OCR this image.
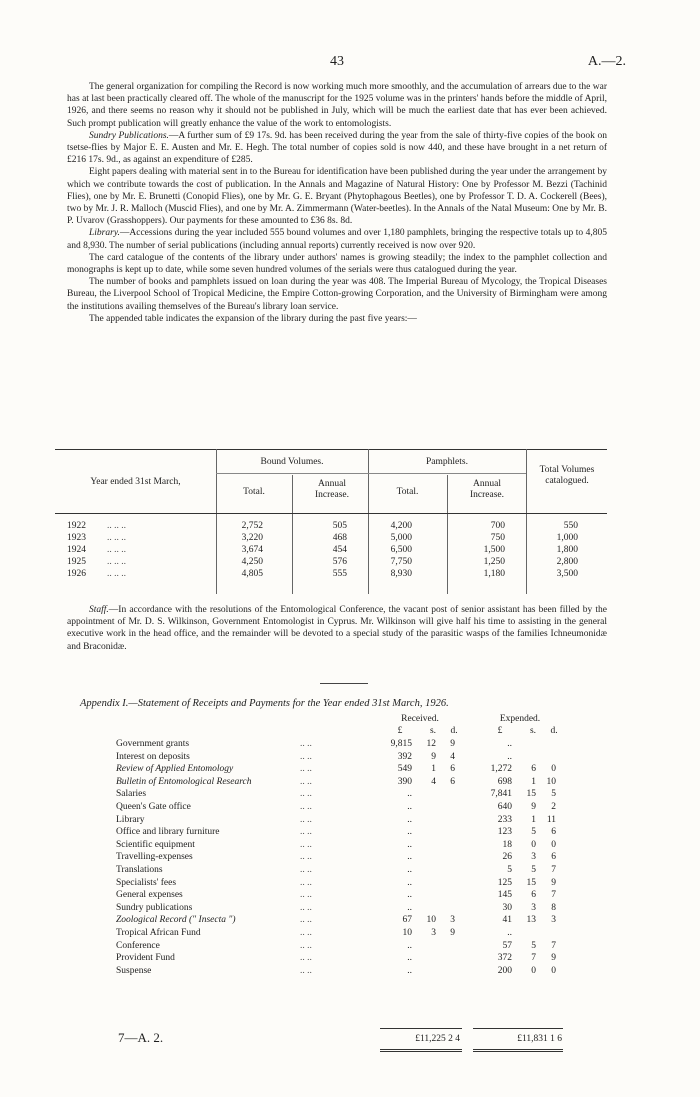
43	A.—2.

The general organization for compiling the Record is now working much more smoothly, and the accumulation of arrears due to the war has at last been practically cleared off. The whole of the manuscript for the 1925 volume was in the printers' hands before the middle of April, 1926, and there seems no reason why it should not be published in July, which will be much the earliest date that has ever been achieved. Such prompt publication will greatly enhance the value of the work to entomologists.

Sundry Publications.—A further sum of £9 17s. 9d. has been received during the year from the sale of thirty-five copies of the book on tsetse-flies by Major E. E. Austen and Mr. E. Hegh. The total number of copies sold is now 440, and these have brought in a net return of £216 17s. 9d., as against an expenditure of £285.

Eight papers dealing with material sent in to the Bureau for identification have been published during the year under the arrangement by which we contribute towards the cost of publication. In the Annals and Magazine of Natural History: One by Professor M. Bezzi (Tachinid Flies), one by Mr. E. Brunetti (Conopid Flies), one by Mr. G. E. Bryant (Phytophagous Beetles), one by Professor T. D. A. Cockerell (Bees), two by Mr. J. R. Malloch (Muscid Flies), and one by Mr. A. Zimmermann (Water-beetles). In the Annals of the Natal Museum: One by Mr. B. P. Uvarov (Grasshoppers). Our payments for these amounted to £36 8s. 8d.

Library.—Accessions during the year included 555 bound volumes and over 1,180 pamphlets, bringing the respective totals up to 4,805 and 8,930. The number of serial publications (including annual reports) currently received is now over 920.

The card catalogue of the contents of the library under authors' names is growing steadily; the index to the pamphlet collection and monographs is kept up to date, while some seven hundred volumes of the serials were thus catalogued during the year.

The number of books and pamphlets issued on loan during the year was 408. The Imperial Bureau of Mycology, the Tropical Diseases Bureau, the Liverpool School of Tropical Medicine, the Empire Cotton-growing Corporation, and the University of Birmingham were among the institutions availing themselves of the Bureau's library loan service.

The appended table indicates the expansion of the library during the past five years:—

Year ended 31st March,
Bound Volumes.	Pamphlets.
Total.
Annual Increase.	Total.
Annual Increase.
Total Volumes catalogued.
1922 .. .. ..	2,752	505	4,200	700	550
1923 .. .. ..	3,220	468	5,000	750	1,000
1924 .. .. ..	3,674	454	6,500	1,500	1,800
1925 .. .. ..	4,250	576	7,750	1,250	2,800
1926 .. .. ..	4,805	555	8,930	1,180	3,500

Staff.—In accordance with the resolutions of the Entomological Conference, the vacant post of senior assistant has been filled by the appointment of Mr. D. S. Wilkinson, Government Entomologist in Cyprus. Mr. Wilkinson will give half his time to assisting in the general executive work in the head office, and the remainder will be devoted to a special study of the parasitic wasps of the families Ichneumonidæ and Braconidæ.

Appendix I.—Statement of Receipts and Payments for the Year ended 31st March, 1926.
Received.	Expended.
£	s.	d.	£	s.	d.
Government grants	.. ..	9,815	12	9	..
Interest on deposits	.. ..	392	9	4	..
Review of Applied Entomology	.. ..	549	1	6	1,272	6	0
Bulletin of Entomological Research	.. ..	390	4	6	698	1	10
Salaries	.. ..	..	7,841	15	5
Queen's Gate office	.. ..	..	640	9	2
Library	.. ..	..	233	1	11
Office and library furniture	.. ..	..	123	5	6
Scientific equipment	.. ..	..	18	0	0
Travelling-expenses	.. ..	..	26	3	6
Translations	.. ..	..	5	5	7
Specialists' fees	.. ..	..	125	15	9
General expenses	.. ..	..	145	6	7
Sundry publications	.. ..	..	30	3	8
Zoological Record (" Insecta ")	.. ..	67	10	3	41	13	3
Tropical African Fund	.. ..	10	3	9	..
Conference	.. ..	..	57	5	7
Provident Fund	.. ..	..	372	7	9
Suspense	.. ..	..	200	0	0
£11,225 2 4	£11,831 1 6
7—A. 2.
